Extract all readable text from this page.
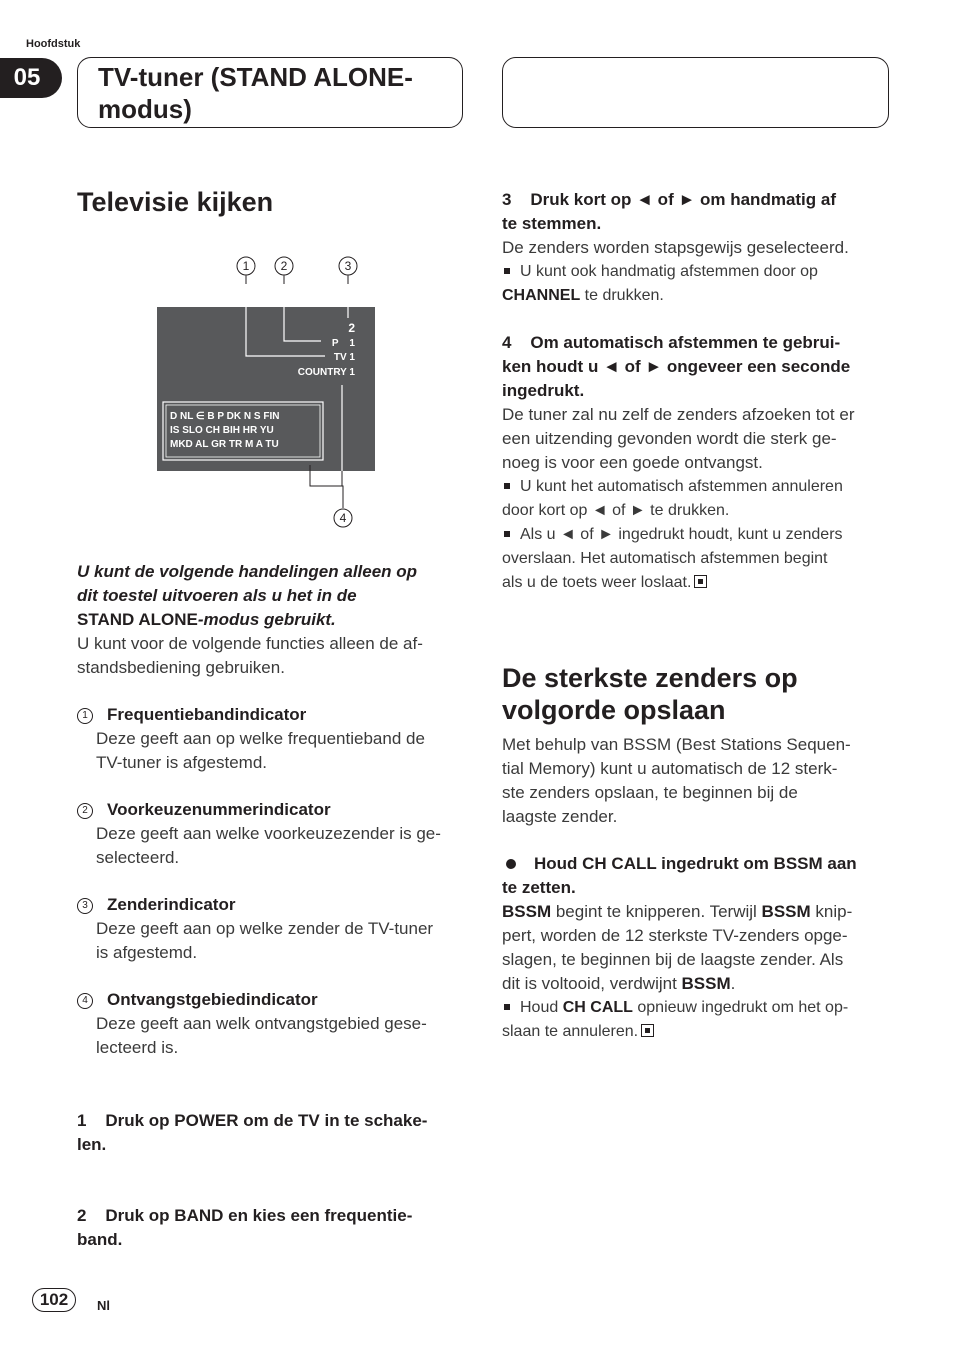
Hoofdstuk
05	TV-tuner (STAND ALONE-
modus)
Televisie kijken
1	2	3
4
2
P    1
TV 1
COUNTRY 1
D NL ∈ B P DK N S FIN
IS SLO CH BIH HR YU
MKD AL GR TR M A TU

U kunt de volgende handelingen alleen op
dit toestel uitvoeren als u het in de
STAND ALONE-modus gebruikt.

U kunt voor de volgende functies alleen de af-
standsbediening gebruiken.

1 Frequentiebandindicator
Deze geeft aan op welke frequentieband de
TV-tuner is afgestemd.
2 Voorkeuzenummerindicator
Deze geeft aan welke voorkeuzezender is ge-
selecteerd.
3 Zenderindicator
Deze geeft aan op welke zender de TV-tuner
is afgestemd.
4 Ontvangstgebiedindicator
Deze geeft aan welk ontvangstgebied gese-
lecteerd is.

1    Druk op POWER om de TV in te schake-
len.

2    Druk op BAND en kies een frequentie-
band.

3    Druk kort op ◄ of ► om handmatig af
te stemmen.

De zenders worden stapsgewijs geselecteerd.

U kunt ook handmatig afstemmen door op
CHANNEL te drukken.

4    Om automatisch afstemmen te gebrui-
ken houdt u ◄ of ► ongeveer een seconde
ingedrukt.

De tuner zal nu zelf de zenders afzoeken tot er
een uitzending gevonden wordt die sterk ge-
noeg is voor een goede ontvangst.

U kunt het automatisch afstemmen annuleren
door kort op ◄ of ► te drukken.

Als u ◄ of ► ingedrukt houdt, kunt u zenders
overslaan. Het automatisch afstemmen begint
als u de toets weer loslaat.

De sterkste zenders op
volgorde opslaan

Met behulp van BSSM (Best Stations Sequen-
tial Memory) kunt u automatisch de 12 sterk-
ste zenders opslaan, te beginnen bij de
laagste zender.

Houd CH CALL ingedrukt om BSSM aan
te zetten.

BSSM begint te knipperen. Terwijl BSSM knip-
pert, worden de 12 sterkste TV-zenders opge-
slagen, te beginnen bij de laagste zender. Als
dit is voltooid, verdwijnt BSSM.

Houd CH CALL opnieuw ingedrukt om het op-
slaan te annuleren.

102	Nl
